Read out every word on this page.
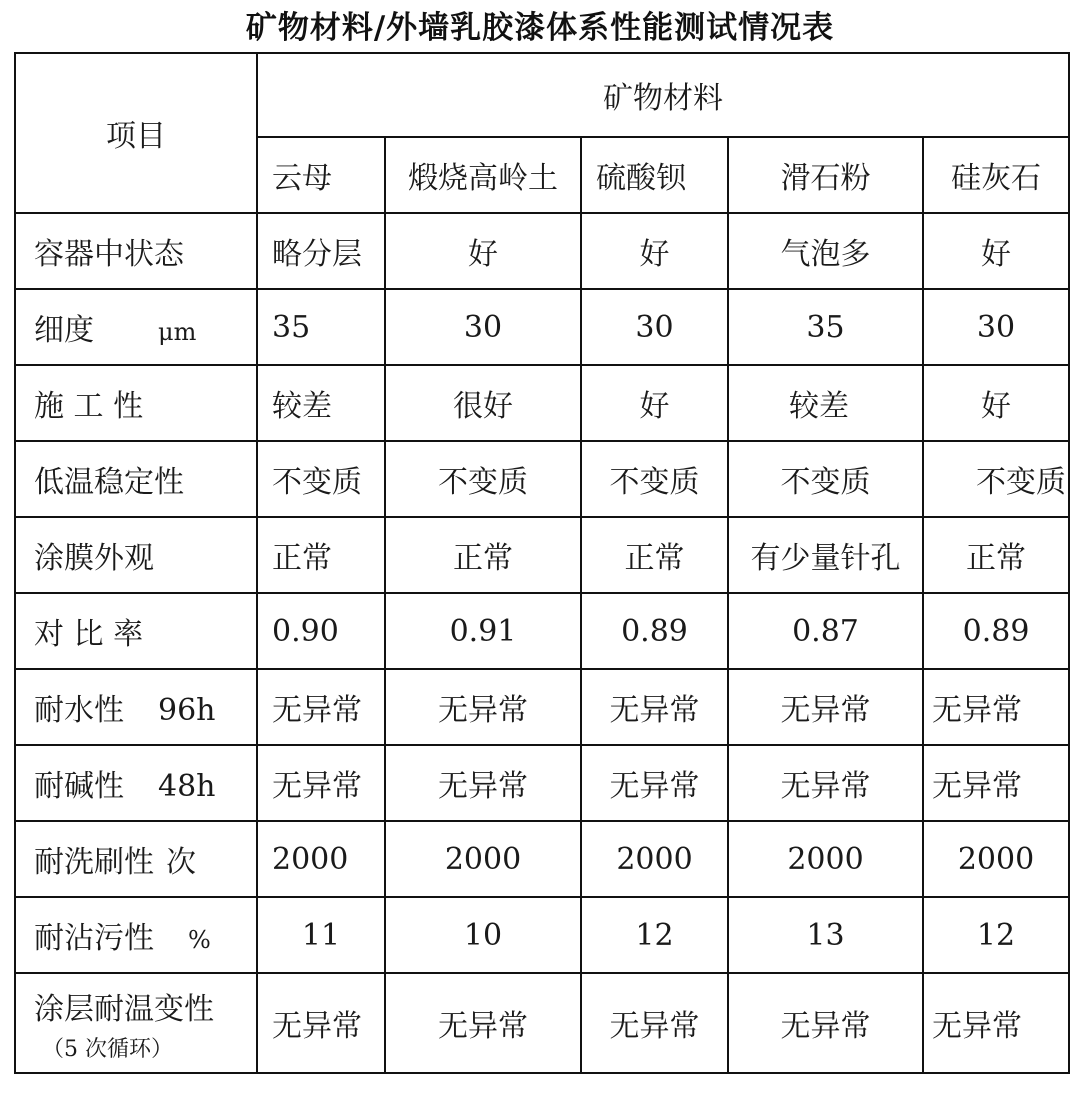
矿物材料/外墙乳胶漆体系性能测试情况表
项目	矿物材料				
	云母	煅烧高岭土	硫酸钡	滑石粉	硅灰石
容器中状态	略分层	好	好	气泡多	好
细度 μm	35	30	30	35	30
施 工 性	较差	很好	好	较差	好
低温稳定性	不变质	不变质	不变质	不变质	不变质
涂膜外观	正常	正常	正常	有少量针孔	正常
对 比 率	0.90	0.91	0.89	0.87	0.89
耐水性 96h	无异常	无异常	无异常	无异常	无异常
耐碱性 48h	无异常	无异常	无异常	无异常	无异常
耐洗刷性 次	2000	2000	2000	2000	2000
耐沾污性 %	11	10	12	13	12
涂层耐温变性
（5 次循环）	无异常	无异常	无异常	无异常	无异常
